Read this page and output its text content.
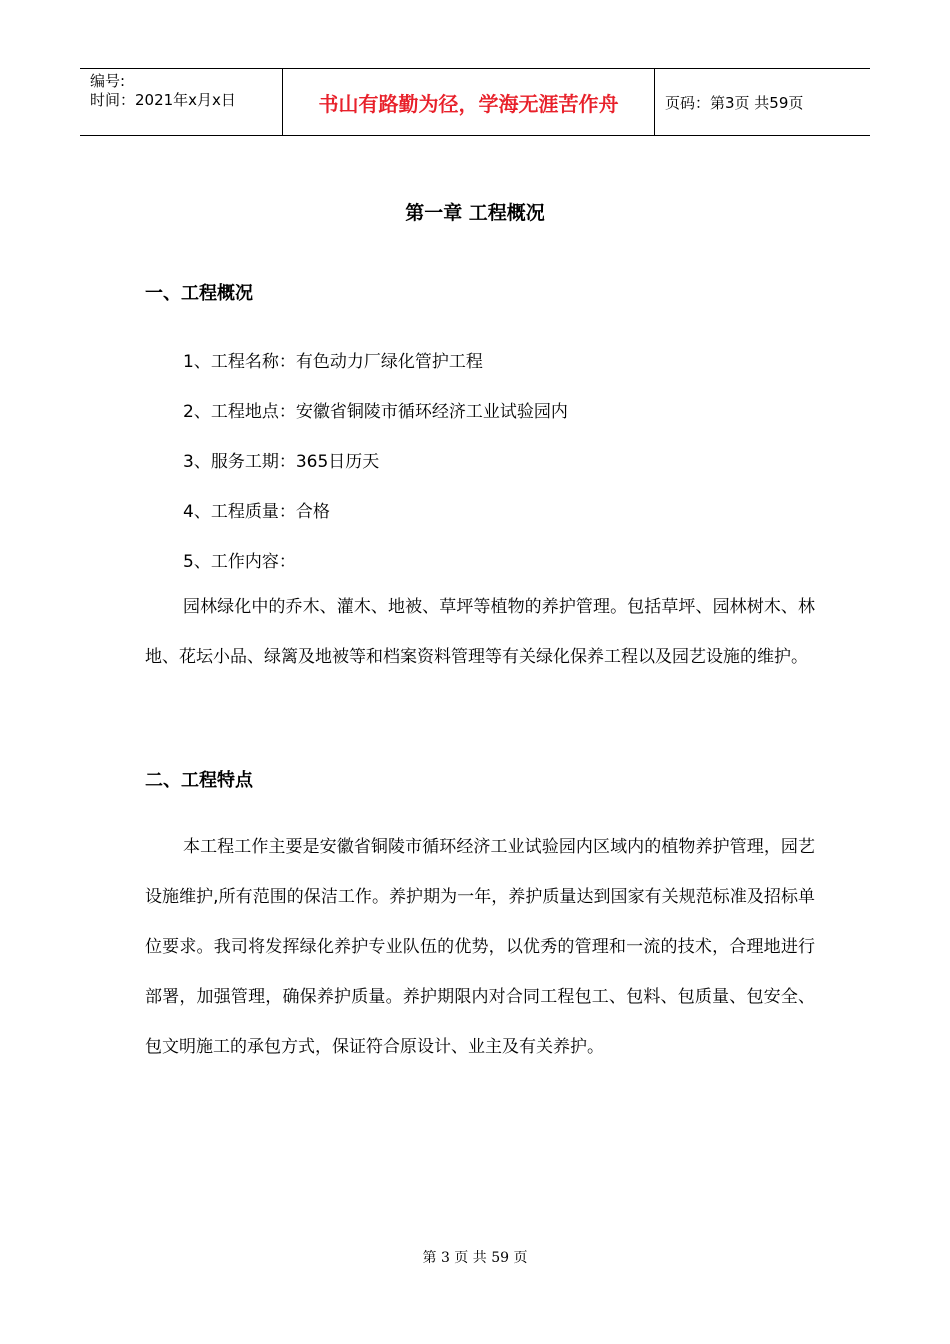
编号:
时间：2021年x月x日	书山有路勤为径，学海无涯苦作舟	页码：第3页 共59页
第一章 工程概况
一、工程概况
1、工程名称：有色动力厂绿化管护工程
2、工程地点：安徽省铜陵市循环经济工业试验园内
3、服务工期：365日历天
4、工程质量：合格
5、工作内容：

园林绿化中的乔木、灌木、地被、草坪等植物的养护管理。包括草坪、园林树木、林地、花坛小品、绿篱及地被等和档案资料管理等有关绿化保养工程以及园艺设施的维护。

二、工程特点

本工程工作主要是安徽省铜陵市循环经济工业试验园内区域内的植物养护管理，园艺设施维护,所有范围的保洁工作。养护期为一年，养护质量达到国家有关规范标准及招标单位要求。我司将发挥绿化养护专业队伍的优势，以优秀的管理和一流的技术，合理地进行部署，加强管理，确保养护质量。养护期限内对合同工程包工、包料、包质量、包安全、包文明施工的承包方式，保证符合原设计、业主及有关养护。

第 3 页 共 59 页
